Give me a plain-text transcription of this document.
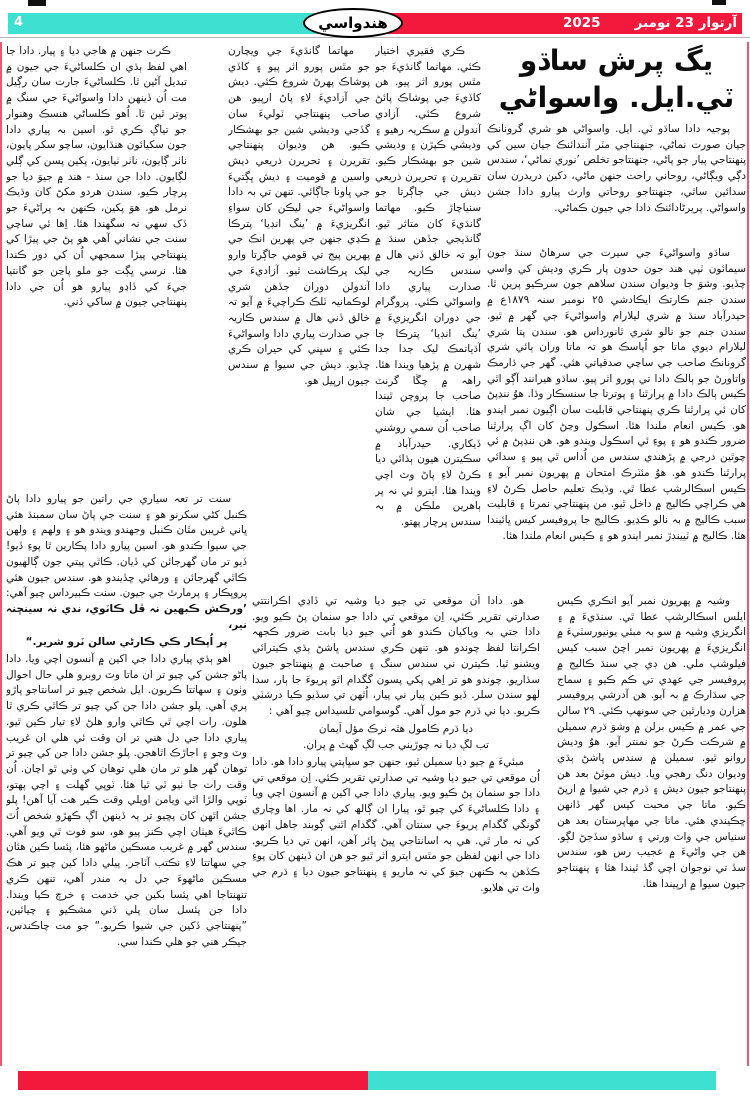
4	آرتوار 23 نومبر
2025
هندواسي
يگ پرش ساڌو
ٽي.ايل. واسواڻي

پوجيہ دادا ساڌو ٽي. ايل. واسواڻي هو شري گرونانڪ جيان صورت نماڻي، جنهنتاجي مٽر آنندائنڪ جيان سين کي پنهنتاجي پيار جو پاڻي، جنهنتاجو تخلص ’نوري نماڻي‘، سندس دڳي ويڳاڻي، روحاني راحت جنهن ماڻي، دکين دريدرن سان سدائين ساٿي، جنهنتاجو روحاتي وارث پيارو دادا جشن واسواڻي. پريرڻادائنڪ دادا جي جيون ڪماڻي.

ساڌو واسواڻيءَ جي سيرت جي سرهاڻ سنڌ جون سيمائون ٽپي هند جون حدون پار ڪري وديش کي واسي چڏيو. وشوَ جا وديوان سندن سلاهم جون سرڪيو پرين ٿا. سندن جنم ڪارتڪ ايڪادشي ٢٥ نومبر سنہ ١٨٧٩ع ۾ حيدرآباد سنڌ ۾ شري ليلارام واسواڻيءَ جي گهر ۾ ٿيو. سندن جنم جو نالو شري ٿانورداس هو. سندن پتا شري ليلارام ديوي ماتا جو اُپاسڪ هو تہ ماتا وران ٻائي شري گرونانڪ صاحب جي ساچي صدقياتي هئي. گهر جي ڌارمڪ واتاورڻ جو ٻالڪ دادا تي پورو اثر پيو. ساڌو هيرانند آڳو اٿي ڪيس ٻالڪ دادا ۾ پرارٿنا ۽ پوترتا جا سنسڪار وڌا. هوُ ننڍپڻ کان ئي پرارٿنا ڪري پنهنتاجي قابليت سان اڳيون نمبر ايندو هو. ڪيس انعام ملندا هئا. اسڪول وڃڻ کان اڳ پرارٿنا ضرور ڪندو هو ۽ پوءِ ئي اسڪول ويندو هو. هن ننڍپڻ ۾ ئي چوٿين درجي ۾ پڙهندي سندس من اُداس ٿي پيو ۽ سدائي پرارٿنا ڪندو هو. هوُ مئٽرڪ امتحان ۾ پهريون نمبر آيو ۽ ڪيس اسڪالرشپ عطا ٿي. وڌيڪ تعليم حاصل ڪرڻ لاءِ هي ڪراچي ڪاليج ۾ داخل ٿيو. من پنهنتاجي نمرتا ۽ قابليت سبب ڪاليج ۾ بہ نالو ڪڍيو. ڪاليج جا پروفيسر کيس ڀائيندا هئا. ڪاليج ۾ ٽيينڊڙ نمبر ايندو هو ۽ ڪيس انعام ملندا هئا.

وشيہ ۾ پهريون نمبر آيو انڪري ڪيس ايلس اسڪالرشپ عطا ٿي. سنڌيءَ ۾ ۽ انگريزي وشيہ ۾ سو بہ مبئي يونيورسٽيءَ ۾ انگريزيءَ ۾ پهريون نمبر اچڻ سبب کيس فيلوشپ ملي. هن ڊي جي سنڌ ڪاليج ۾ پروفيسر جي عهدي تي ڪم ڪيو ۽ سماج جي سڌارڪ ۾ بہ آيو. هن آدرشي پروفيسر هزارن وديارٿين جي سونهپ ڪئي. ٢٩ سالن جي عمر ۾ ڪيس برلن ۾ وشوَ ڌرم سميلن ۾ شرڪت ڪرڻ جو نمنتر آيو. هوُ وديش روانو ٿيو. سميلن ۾ سندس ڀاشڻ ٻڌي وديوان دنگ رهجي ويا. ديش موٽڻ بعد هن پنهنتاجو جيون ديش ۽ ڌرم جي شيوا ۾ ارپڻ ڪيو. ماتا جي محبت کيس گهر ڏانهن ڇڪيندي هئي. ماتا جي مهاپرستان بعد هن سنياس جي واٽ ورتي ۽ ساڌو سڏجڻ لڳو. هن جي واڻيءَ ۾ عجيب رس هو، سندس سڏ تي نوجوان اچي گڏ ٿيندا هئا ۽ پنهنتاجو جيون سيوا ۾ ارپيندا هئا.

ڪري فقيري اختيار ڪئي. مهاتما گانڌيءَ جو مٿس پورو اثر پيو. هن کاڏيءَ جي پوشاڪ پائڻ شروع ڪئي. آزادي آندولن ۾ سڪريہ رهيو ۽ وديشي ڪپڙن ۽ وديشي شين جو بهشڪار ڪيو. تقريرن ۽ تحريرن ذريعي ديش جي جاڳرتا جو سنياچاڙ ڪيو. مهاتما گانڌيءَ کان متاثر ٿيو. گانڌيجي جڏهن سنڌ ۾ آيو تہ خالق ڏني هال ۾ سندس ڪاريہ جي صدارت پياري دادا واسواڻي ڪئي. پروگرام جي دوران انگريزيءَ ۾ ’ينگ انڊيا‘ پترڪا جا آڌياتمڪ ليک جدا جدا شهرن ۾ پڙهيا ويندا هئا. راهہ ۾ چڱا گرنٽ صاحب جا پروچن ٿيندا هئا. ايشيا جي شان صاحب اُن سمي روشني ڏيکاري. حيدرآباد ۾ سڪيترن هيون ٻڌائي ديا ڪرڻ لاءِ پاڻ وٽ اچي ويندا هئا. ايترو ئي نہ پر ٻاهرين ملڪن ۾ بہ سندس پرچار پهتو.

مهاتما گانڌيءَ جي ويچارن جو مٿس پورو اثر پيو ۽ کاڏي پوشاڪ پهرڻ شروع ڪئي. ديش جي آزاديءَ لاءِ پاڻ ارپيو. هن صاحب پنهنتاجي ٽوليءَ سان گڏجي وديشي شين جو بهشڪار ڪيو. هن وديوان پنهنتاجي تقريرن ۽ تحريرن ذريعي ديش واسين ۾ قوميت ۽ ديش ڀڳتيءَ جي ڀاونا جاڳائي. تنهن تي بہ دادا واسواڻيءَ جي ليڪن کان سواءِ انگريزيءَ ۾ ’ينگ انڊيا‘ پترڪا ڪڍي جنهن جي پهرين انڪ جي پهرين پيج تي قومي جاڳرتا وارو ليک پرڪاشت ٿيو. آزاديءَ جي آندولن دوران جڏهن شري لوڪمانيہ ٽلڪ ڪراچيءَ ۾ آيو تہ خالق ڏني هال ۾ سندس ڪاريہ جي صدارت پياري دادا واسواڻيءَ ڪئي ۽ سڀني کي حيران ڪري ڇڏيو. ديش جي سيوا ۾ سندس جيون ارپيل هو.

ڪرت جنهن ۾ هاجي ديا ۽ پيار. دادا جا اهي لفظ ٻڌي ان ڪلساڻيءَ جي جيون ۾ تبديل آڻين ٿا. ڪلساڻيءَ جارت سان رڳيل مت اُن ڏينهن دادا واسواڻيءَ جي سنگ ۾ پوتر ٿين ٿا. اُهو ڪلساڻي هنسڪ وهنوار جو تياڳ ڪري ٿو. اسين بہ پياري دادا جون سکيائون هنڌايون، ساچو سکر پايون، ناٺر ڳايون، ناٺر ٺيايون، پکين پسن کي ڳلي لڳايون. دادا جن سنڌ - هند ۾ جيوَ ديا جو پرچار ڪيو. سندن هردو مکڻ کان وڌيڪ نرمل هو. هوَ پکين، ڪنهن بہ پراڻيءَ جو ڏک سهي نہ سگهندا هئا. اِها ئي ساچي سنت جي نشاني آهي هو پڻ جي پيڙا کي پنهنتاجي پيڙا سمجهي اُن کي دور ڪندا هئا. نرسي ڀڳت جو ملو پاڃن جو گانتيا جيءَ کي ڏاڍو پيارو هو اُن جي دادا پنهنتاجي جيون ۾ ساکي ڏني.

سنت تر تعہ سياري جي راتين جو پيارو دادا پاڻ ڪنبل کڻي سکرنو هو ۽ سنت جي پاڻ سان سمبنڌ هئي ڀاني غريبن مٿان ڪنبل وجهندو ويندو هو ۽ ولهم ۽ ولهن جي سيوا ڪندو هو. اسين پيارو دادا پڪارين ٿا پوءِ ڏيو! ڏيو تر مان گهرجائن کي ڏيان. ڪاٿي پيتي جون ڳالهيون ڪاٿي گهرجائن ۽ ورهائي ڇڏيندو هو. سندس جيون هئي پروپڪار ۽ پرمارٿ جي جيون. سنت ڪبيرداس چيو آهي: ’ورڪش ڪبهين نہ ڦل ڪاٽوي، ندي نہ سينڇنہ نير،

پر اُپڪار ڪي ڪارڻي سالن ٽرو شرير.“

اهو ٻڌي پياري دادا جي اکين ۾ آنسون اچي ويا. دادا پاڻو جشن کي چيو تر ان ماتا وٽ روبرو هلي حال احوال وٺون ۽ سهاتتا ڪريون. ايل شخص چيو تر اسانتاجو پاڙو پري آهي. پلو جشن دادا جن کي چيو تر ڪاٿي ڪري ٿا هلون. رات اچي ٿي ڪاٿي وارو هلڻ لاءِ تيار ڪين ٿيو. پياري دادا جي دل هني تر ان وقت ئي هلي ان غريب وٽ وڃو ۽ اجاڙڪ اٿاهجن. پلو جشن دادا جن کي چيو تر توهان گهر هلو تر مان هلي توهان کي وٺي ٿو اچان. اُن وقت رات جا ٺيو ٽي ٿيا هئا. ٽوپي گهلت ۽ اچي پهتو، ٽوپي والڙا اٿي ويامن اويلي وقت ڪير هت آيا آهن! پلو جشن اٿهن کان پڇيو تر ٻہ ڏينهن اڳ ڪهڙو شخص اُٿ ڪاٿيءَ هيٺان اچي ڪنز پيو هو، سو فوت ٿي ويو آهي. سندس گهر ۾ غريب مسڪين ماڻهو هئا، پئسا ڪين هئان جي سهاتتا لاءِ نڪتب آٽاجر. پيلي دادا کين چيو تر هڪ مسڪين ماڻهوءَ جي دل بہ مندر آهي، تنهن ڪري تنهنتاجا اهي پئسا بکين جي خدمت ۽ خرچ ڪيا ويندا. دادا جن پئسل سان پلي ڏني مشڪيو ۽ چيائين، ”پنهنتاجي ڏکين جي شيوا ڪريو.“ جو مت چاڪندس، جيڪر هني جو هلي ڪندا سي.

هو. دادا اُن موقعي تي جيو ديا وشيہ تي ڏاڍي اڪرانتتي صدارتي تقرير ڪئي، اِن موقعي تي دادا جو سنمان پڻ ڪيو ويو. دادا جتي بہ وياکيان ڪندو هو اُتي جيو ديا بابت ضرور ڪجهہ اڪرانتا لفظ چوندو هو. تنهن ڪري سندس ڀاشڻ ٻڌي ڪيترائي ويشنو ٿيا. ڪيترن ني سندس سنگ ۽ صاحبت ۾ پنهنتاجو جيون سڌاريو. چوندو هو تر اِهي پکي پسون گگدام اٿو پريوءَ جا ٻار، سدا لهو سندن سلر. ڏيو ڪين پيار ني پيار، اُٿهن تي سڏيو ڪيا درشٽي ڪريو. ديا ني ڌرم جو مول آهي. گوسوامي تلسيداس چيو آهي :

ديا ڌرم ڪامول هٿہ نرڪ مؤل اَيمان
تب لڳ ديا نہ چوڙيني جب لڳ گهٽ ۾ پران.

مبئيءَ ۾ جيو ديا سميلن ٿيو، جنهن جو سڀاپتي پيارو دادا هو. دادا اُن موقعي تي جيو ديا وشيہ تي صدارتي تقرير ڪئي. اِن موقعي تي دادا جو سنمان پڻ ڪيو ويو. پياري دادا جي اکين ۾ آنسون اچي ويا ۽ دادا ڪلساڻيءَ کي چيو ٿو، پيارا ان ڳالھ کي نہ مار. اها وچاري گونگي گگدام پريوءَ جي سنتان آهي. گگدام اٿني ڳوبند جاهل انهن کي نہ مار ٿي. هي بہ اسانتاجي ڀيڻ ڀائر آهن، انهن تي ديا ڪريو. دادا جي انهن لفظن جو مٿس ايترو اثر ٿيو جو هن ان ڏينهن کان پوءِ ڪڏهن بہ ڪنهن جيوَ کي نہ ماريو ۽ پنهنتاجو جيون ديا ۽ ڌرم جي واٽ تي هلايو.
